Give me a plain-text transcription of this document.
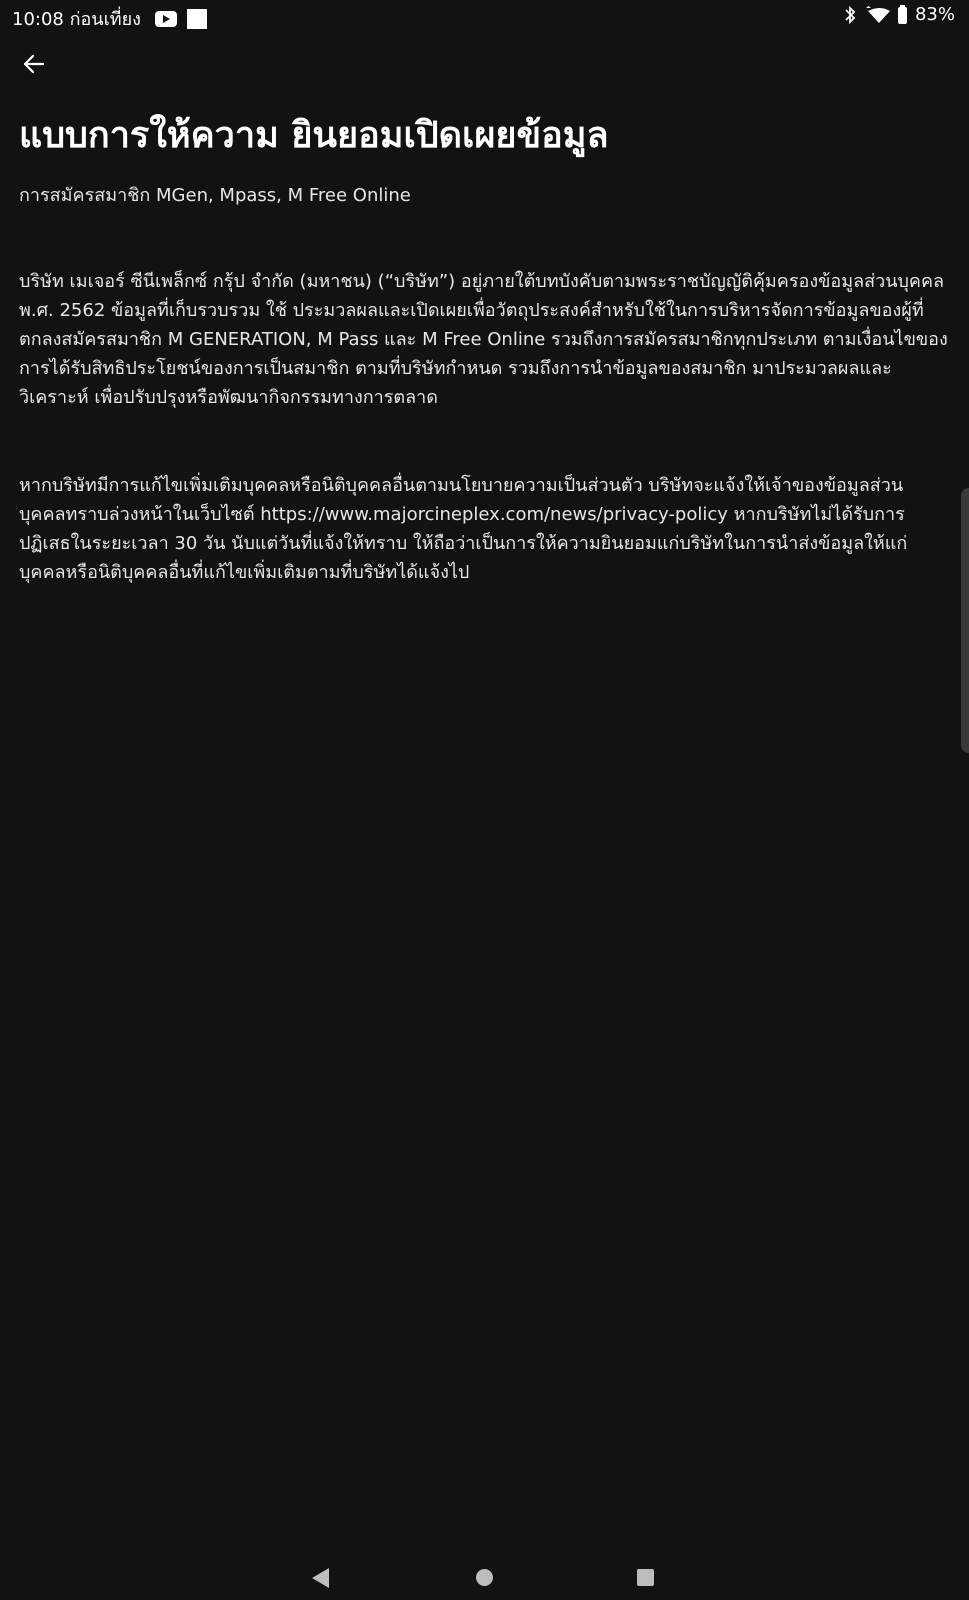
10:08 ก่อนเที่ยง	83%
แบบการให้ความ ยินยอมเปิดเผยข้อมูล

การสมัครสมาชิก MGen, Mpass, M Free Online

บริษัท เมเจอร์ ซีนีเพล็กซ์ กรุ้ป จำกัด (มหาชน) (“บริษัท”) อยู่ภายใต้บทบังคับตามพระราชบัญญัติคุ้มครองข้อมูลส่วนบุคคล พ.ศ. 2562 ข้อมูลที่เก็บรวบรวม ใช้ ประมวลผลและเปิดเผยเพื่อวัตถุประสงค์สำหรับใช้ในการบริหารจัดการข้อมูลของผู้ที่ตกลงสมัครสมาชิก M GENERATION, M Pass และ M Free Online รวมถึงการสมัครสมาชิกทุกประเภท ตามเงื่อนไขของการได้รับสิทธิประโยชน์ของการเป็นสมาชิก ตามที่บริษัทกำหนด รวมถึงการนำข้อมูลของสมาชิก มาประมวลผลและวิเคราะห์ เพื่อปรับปรุงหรือพัฒนากิจกรรมทางการตลาด

หากบริษัทมีการแก้ไขเพิ่มเติมบุคคลหรือนิติบุคคลอื่นตามนโยบายความเป็นส่วนตัว บริษัทจะแจ้งให้เจ้าของข้อมูลส่วนบุคคลทราบล่วงหน้าในเว็บไซต์ https://www.majorcineplex.com/news/privacy-policy หากบริษัทไม่ได้รับการปฏิเสธในระยะเวลา 30 วัน นับแต่วันที่แจ้งให้ทราบ ให้ถือว่าเป็นการให้ความยินยอมแก่บริษัทในการนำส่งข้อมูลให้แก่บุคคลหรือนิติบุคคลอื่นที่แก้ไขเพิ่มเติมตามที่บริษัทได้แจ้งไป
